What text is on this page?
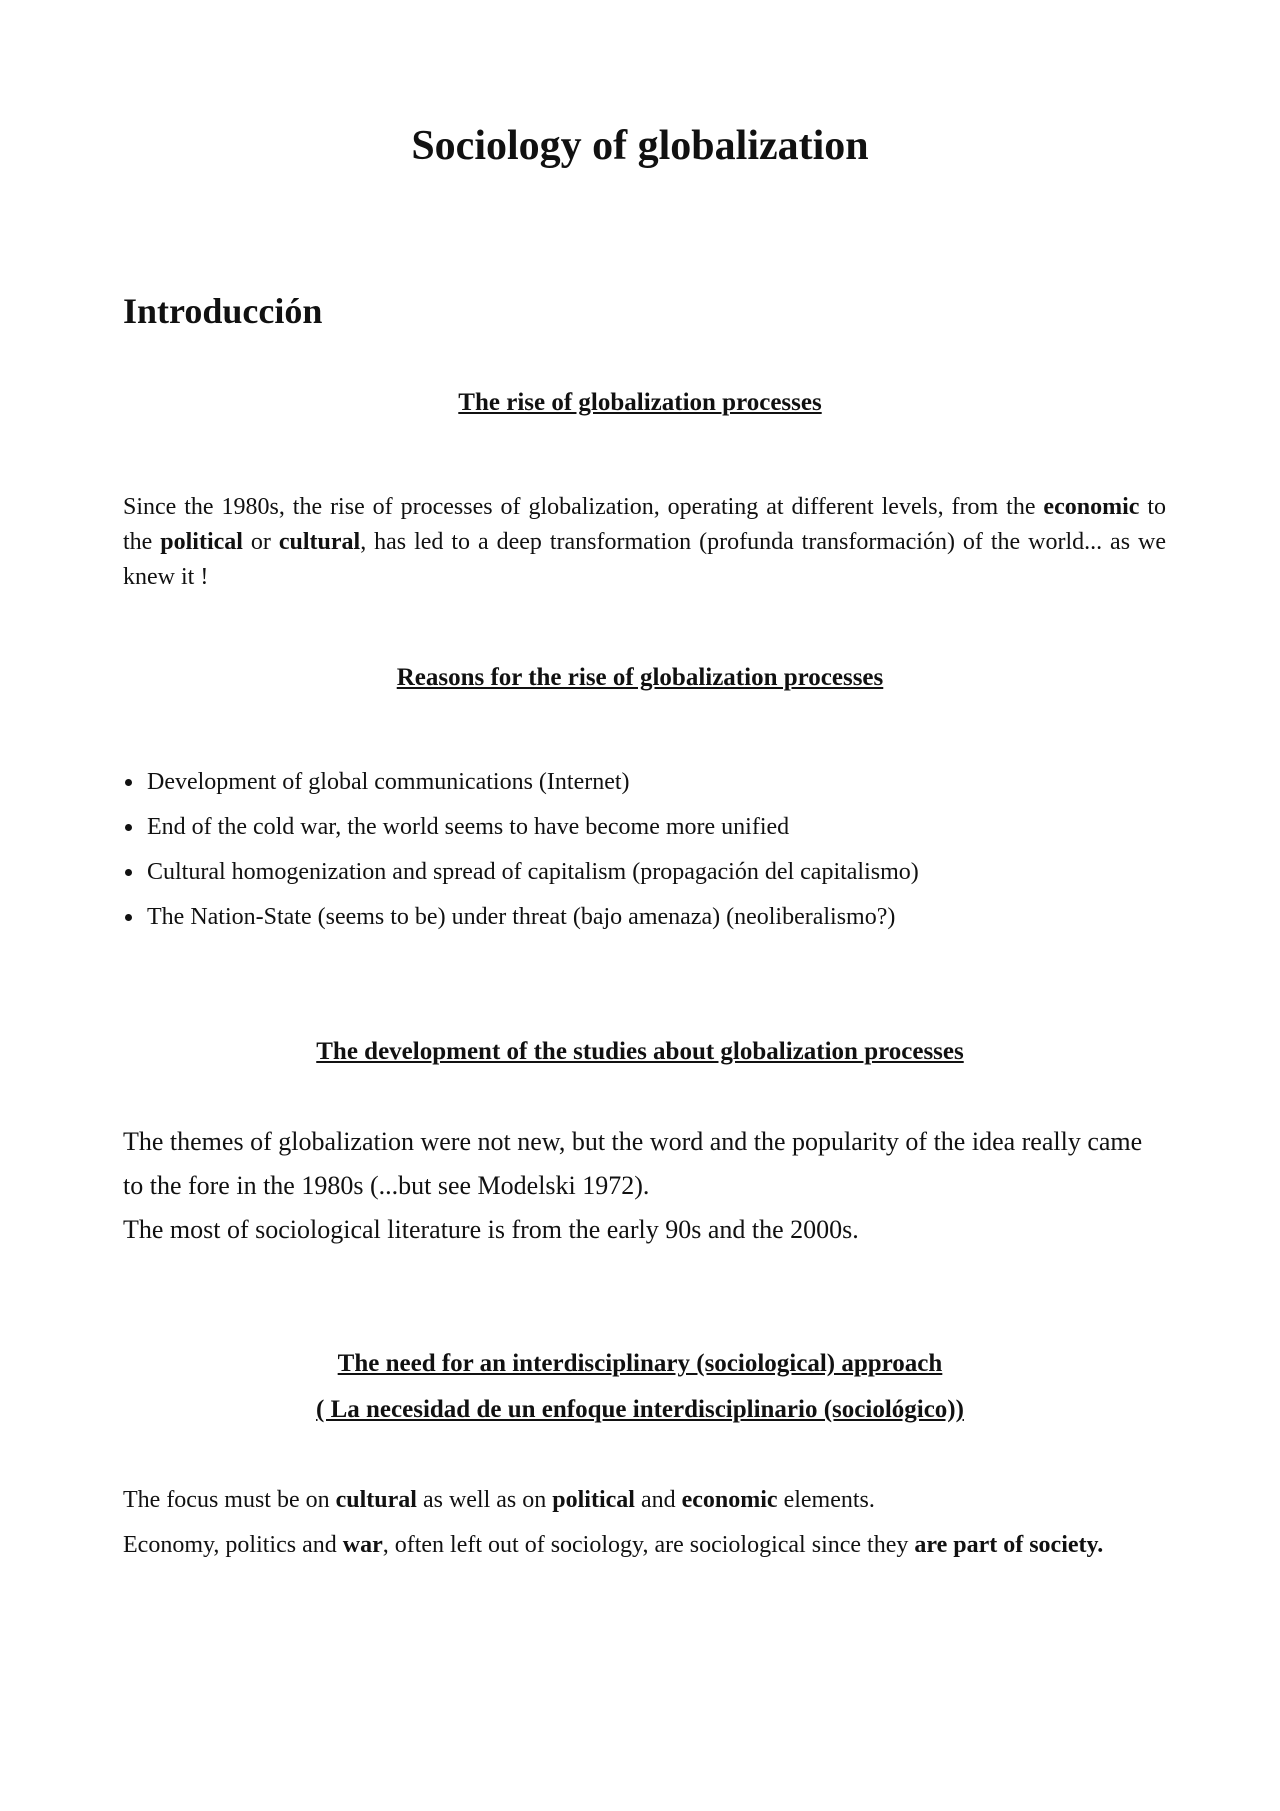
Sociology of globalization
Introducción
The rise of globalization processes

Since the 1980s, the rise of processes of globalization, operating at different levels, from the economic to the political or cultural, has led to a deep transformation (profunda transformación) of the world... as we knew it !

Reasons for the rise of globalization processes
Development of global communications (Internet)
End of the cold war, the world seems to have become more unified
Cultural homogenization and spread of capitalism (propagación del capitalismo)
The Nation-State (seems to be) under threat (bajo amenaza) (neoliberalismo?)
The development of the studies about globalization processes

The themes of globalization were not new, but the word and the popularity of the idea really came to the fore in the 1980s (...but see Modelski 1972).
The most of sociological literature is from the early 90s and the 2000s.

The need for an interdisciplinary (sociological) approach
( La necesidad de un enfoque interdisciplinario (sociológico))

The focus must be on cultural as well as on political and economic elements.

Economy, politics and war, often left out of sociology, are sociological since they are part of society.
